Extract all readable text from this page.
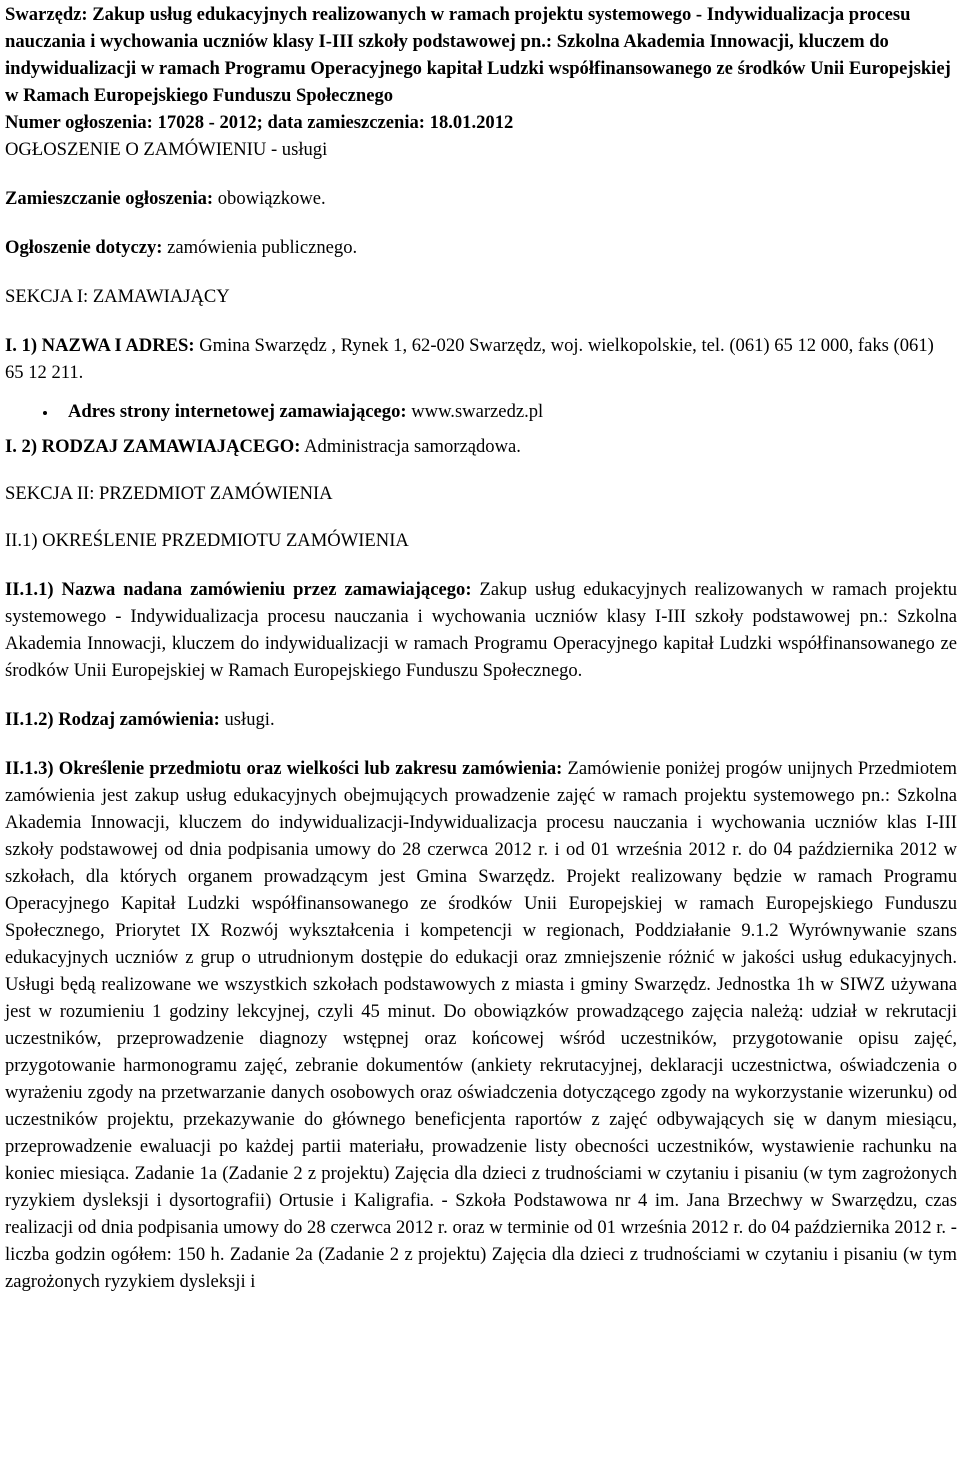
Swarzędz: Zakup usług edukacyjnych realizowanych w ramach projektu systemowego - Indywidualizacja procesu nauczania i wychowania uczniów klasy I-III szkoły podstawowej pn.: Szkolna Akademia Innowacji, kluczem do indywidualizacji w ramach Programu Operacyjnego kapitał Ludzki współfinansowanego ze środków Unii Europejskiej w Ramach Europejskiego Funduszu Społecznego

Numer ogłoszenia: 17028 - 2012; data zamieszczenia: 18.01.2012

OGŁOSZENIE O ZAMÓWIENIU - usługi

Zamieszczanie ogłoszenia: obowiązkowe.

Ogłoszenie dotyczy: zamówienia publicznego.

SEKCJA I: ZAMAWIAJĄCY

I. 1) NAZWA I ADRES: Gmina Swarzędz , Rynek 1, 62-020 Swarzędz, woj. wielkopolskie, tel. (061) 65 12 000, faks (061) 65 12 211.

Adres strony internetowej zamawiającego: www.swarzedz.pl

I. 2) RODZAJ ZAMAWIAJĄCEGO: Administracja samorządowa.

SEKCJA II: PRZEDMIOT ZAMÓWIENIA

II.1) OKREŚLENIE PRZEDMIOTU ZAMÓWIENIA

II.1.1) Nazwa nadana zamówieniu przez zamawiającego: Zakup usług edukacyjnych realizowanych w ramach projektu systemowego - Indywidualizacja procesu nauczania i wychowania uczniów klasy I-III szkoły podstawowej pn.: Szkolna Akademia Innowacji, kluczem do indywidualizacji w ramach Programu Operacyjnego kapitał Ludzki współfinansowanego ze środków Unii Europejskiej w Ramach Europejskiego Funduszu Społecznego.

II.1.2) Rodzaj zamówienia: usługi.

II.1.3) Określenie przedmiotu oraz wielkości lub zakresu zamówienia: Zamówienie poniżej progów unijnych Przedmiotem zamówienia jest zakup usług edukacyjnych obejmujących prowadzenie zajęć w ramach projektu systemowego pn.: Szkolna Akademia Innowacji, kluczem do indywidualizacji-Indywidualizacja procesu nauczania i wychowania uczniów klas I-III szkoły podstawowej od dnia podpisania umowy do 28 czerwca 2012 r. i od 01 września 2012 r. do 04 października 2012 w szkołach, dla których organem prowadzącym jest Gmina Swarzędz. Projekt realizowany będzie w ramach Programu Operacyjnego Kapitał Ludzki współfinansowanego ze środków Unii Europejskiej w ramach Europejskiego Funduszu Społecznego, Priorytet IX Rozwój wykształcenia i kompetencji w regionach, Poddziałanie 9.1.2 Wyrównywanie szans edukacyjnych uczniów z grup o utrudnionym dostępie do edukacji oraz zmniejszenie różnić w jakości usług edukacyjnych. Usługi będą realizowane we wszystkich szkołach podstawowych z miasta i gminy Swarzędz. Jednostka 1h w SIWZ używana jest w rozumieniu 1 godziny lekcyjnej, czyli 45 minut. Do obowiązków prowadzącego zajęcia należą: udział w rekrutacji uczestników, przeprowadzenie diagnozy wstępnej oraz końcowej wśród uczestników, przygotowanie opisu zajęć, przygotowanie harmonogramu zajęć, zebranie dokumentów (ankiety rekrutacyjnej, deklaracji uczestnictwa, oświadczenia o wyrażeniu zgody na przetwarzanie danych osobowych oraz oświadczenia dotyczącego zgody na wykorzystanie wizerunku) od uczestników projektu, przekazywanie do głównego beneficjenta raportów z zajęć odbywających się w danym miesiącu, przeprowadzenie ewaluacji po każdej partii materiału, prowadzenie listy obecności uczestników, wystawienie rachunku na koniec miesiąca. Zadanie 1a (Zadanie 2 z projektu) Zajęcia dla dzieci z trudnościami w czytaniu i pisaniu (w tym zagrożonych ryzykiem dysleksji i dysortografii) Ortusie i Kaligrafia. - Szkoła Podstawowa nr 4 im. Jana Brzechwy w Swarzędzu, czas realizacji od dnia podpisania umowy do 28 czerwca 2012 r. oraz w terminie od 01 września 2012 r. do 04 października 2012 r. - liczba godzin ogółem: 150 h. Zadanie 2a (Zadanie 2 z projektu) Zajęcia dla dzieci z trudnościami w czytaniu i pisaniu (w tym zagrożonych ryzykiem dysleksji i
